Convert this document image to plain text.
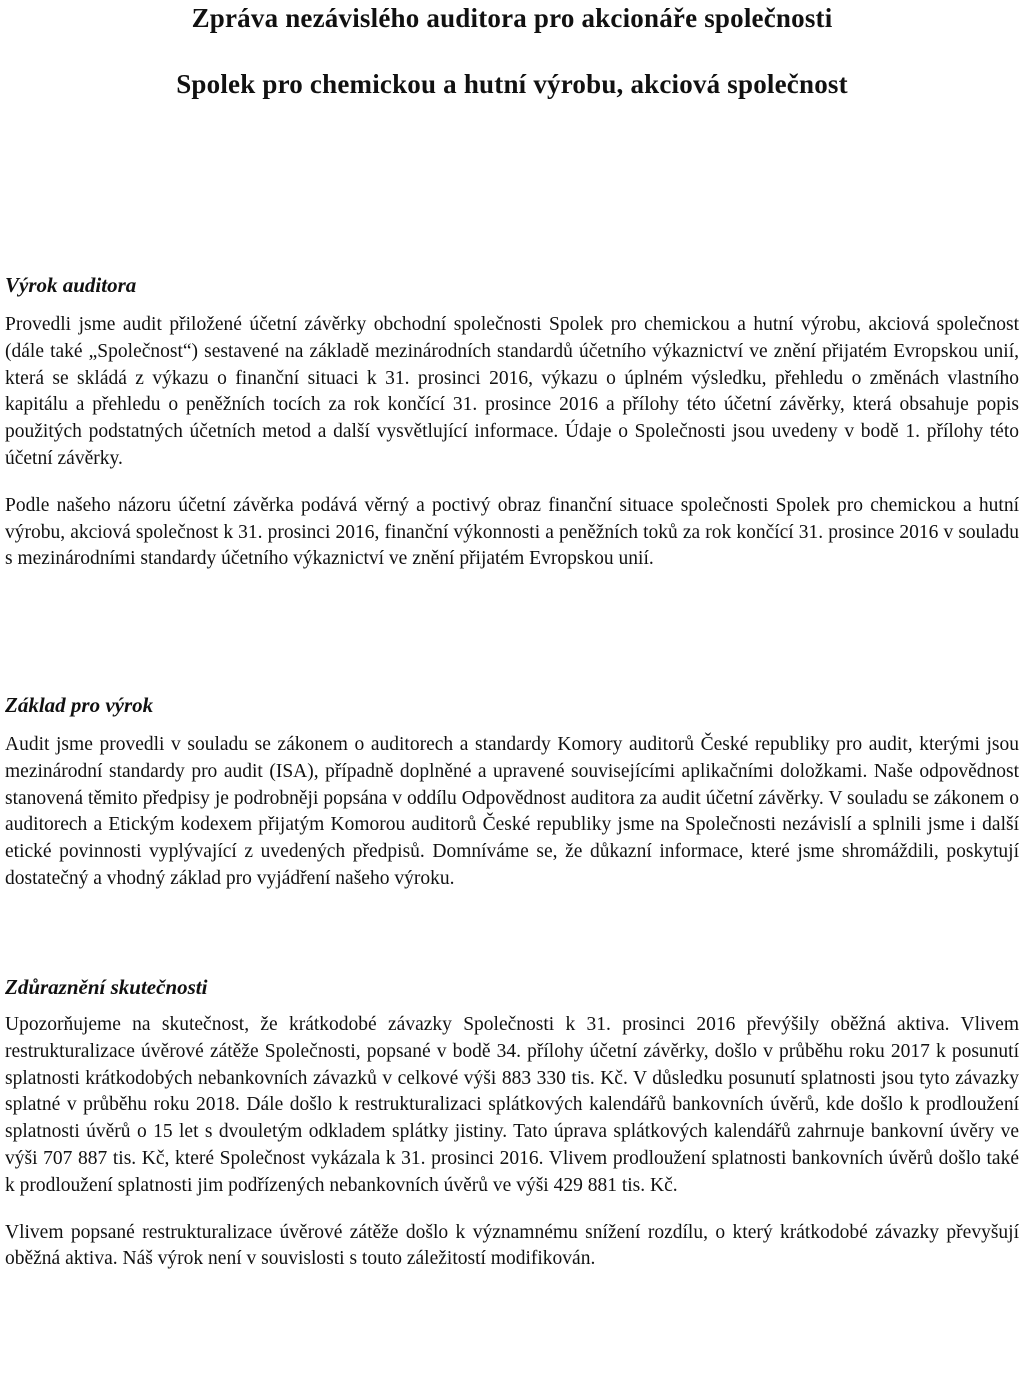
Zpráva nezávislého auditora pro akcionáře společnosti
Spolek pro chemickou a hutní výrobu, akciová společnost
Výrok auditora

Provedli jsme audit přiložené účetní závěrky obchodní společnosti Spolek pro chemickou a hutní výrobu, akciová společnost (dále také „Společnost“) sestavené na základě mezinárodních standardů účetního výkaznictví ve znění přijatém Evropskou unií, která se skládá z výkazu o finanční situaci k 31. prosinci 2016, výkazu o úplném výsledku, přehledu o změnách vlastního kapitálu a přehledu o peněžních tocích za rok končící 31. prosince 2016 a přílohy této účetní závěrky, která obsahuje popis použitých podstatných účetních metod a další vysvětlující informace. Údaje o Společnosti jsou uvedeny v bodě 1. přílohy této účetní závěrky.

Podle našeho názoru účetní závěrka podává věrný a poctivý obraz finanční situace společnosti Spolek pro chemickou a hutní výrobu, akciová společnost k 31. prosinci 2016, finanční výkonnosti a peněžních toků za rok končící 31. prosince 2016 v souladu s mezinárodními standardy účetního výkaznictví ve znění přijatém Evropskou unií.

Základ pro výrok

Audit jsme provedli v souladu se zákonem o auditorech a standardy Komory auditorů České republiky pro audit, kterými jsou mezinárodní standardy pro audit (ISA), případně doplněné a upravené souvisejícími aplikačními doložkami. Naše odpovědnost stanovená těmito předpisy je podrobněji popsána v oddílu Odpovědnost auditora za audit účetní závěrky. V souladu se zákonem o auditorech a Etickým kodexem přijatým Komorou auditorů České republiky jsme na Společnosti nezávislí a splnili jsme i další etické povinnosti vyplývající z uvedených předpisů. Domníváme se, že důkazní informace, které jsme shromáždili, poskytují dostatečný a vhodný základ pro vyjádření našeho výroku.

Zdůraznění skutečnosti

Upozorňujeme na skutečnost, že krátkodobé závazky Společnosti k 31. prosinci 2016 převýšily oběžná aktiva. Vlivem restrukturalizace úvěrové zátěže Společnosti, popsané v bodě 34. přílohy účetní závěrky, došlo v průběhu roku 2017 k posunutí splatnosti krátkodobých nebankovních závazků v celkové výši 883 330 tis. Kč. V důsledku posunutí splatnosti jsou tyto závazky splatné v průběhu roku 2018. Dále došlo k restrukturalizaci splátkových kalendářů bankovních úvěrů, kde došlo k prodloužení splatnosti úvěrů o 15 let s dvouletým odkladem splátky jistiny. Tato úprava splátkových kalendářů zahrnuje bankovní úvěry ve výši 707 887 tis. Kč, které Společnost vykázala k 31. prosinci 2016. Vlivem prodloužení splatnosti bankovních úvěrů došlo také k prodloužení splatnosti jim podřízených nebankovních úvěrů ve výši 429 881 tis. Kč.

Vlivem popsané restrukturalizace úvěrové zátěže došlo k významnému snížení rozdílu, o který krátkodobé závazky převyšují oběžná aktiva. Náš výrok není v souvislosti s touto záležitostí modifikován.
